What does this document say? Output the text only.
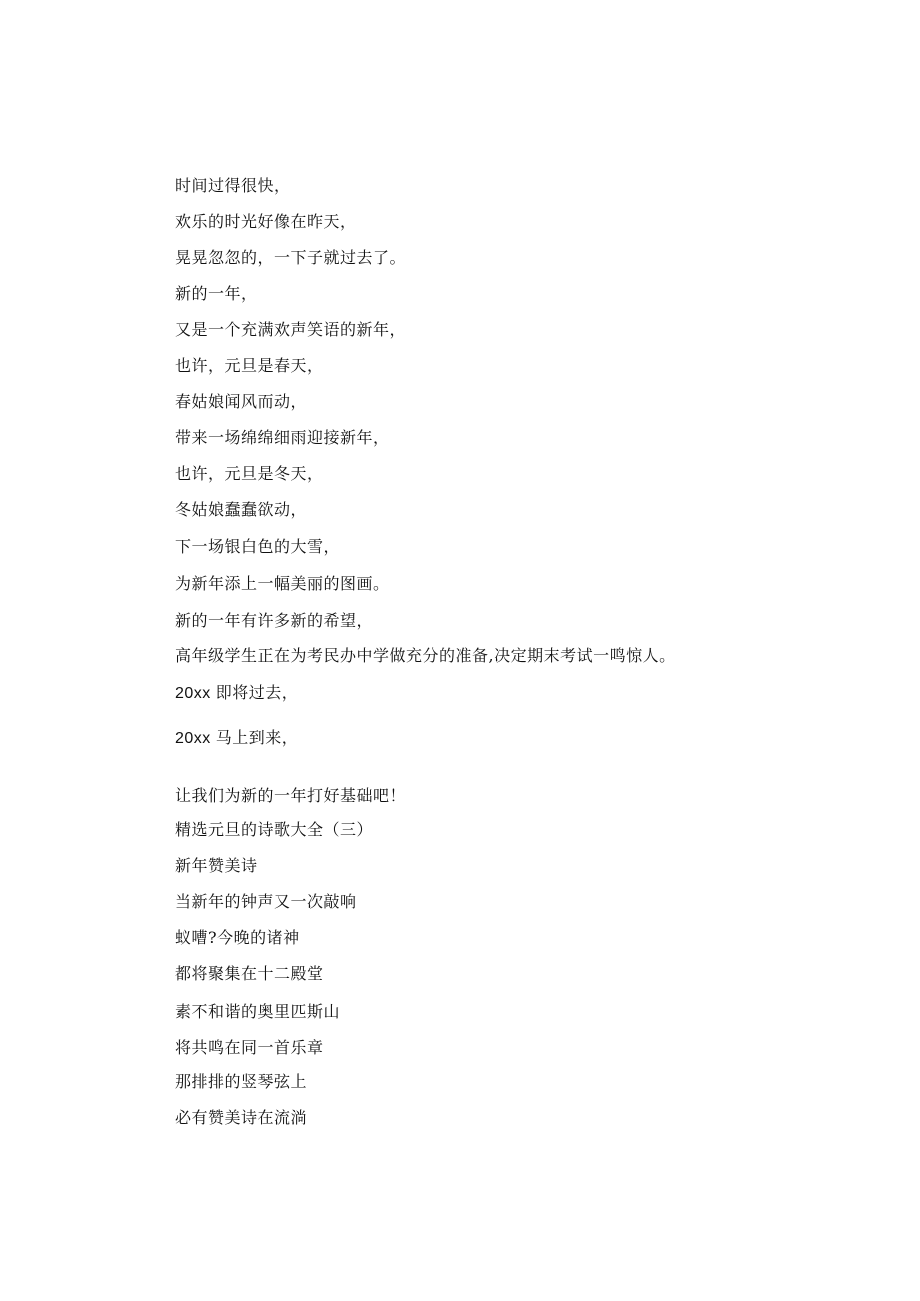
时间过得很快，
欢乐的时光好像在昨天，
晃晃忽忽的，一下子就过去了。
新的一年，
又是一个充满欢声笑语的新年，
也许，元旦是春天，
春姑娘闻风而动，
带来一场绵绵细雨迎接新年，
也许，元旦是冬天，
冬姑娘蠢蠢欲动，
下一场银白色的大雪，
为新年添上一幅美丽的图画。
新的一年有许多新的希望，
高年级学生正在为考民办中学做充分的准备,决定期末考试一鸣惊人。
20xx 即将过去，
20xx 马上到来，
让我们为新的一年打好基础吧！
精选元旦的诗歌大全（三）
新年赞美诗
当新年的钟声又一次敲响
蚁嘈?今晚的诸神
都将聚集在十二殿堂
素不和谐的奥里匹斯山
将共鸣在同一首乐章
那排排的竖琴弦上
必有赞美诗在流淌
